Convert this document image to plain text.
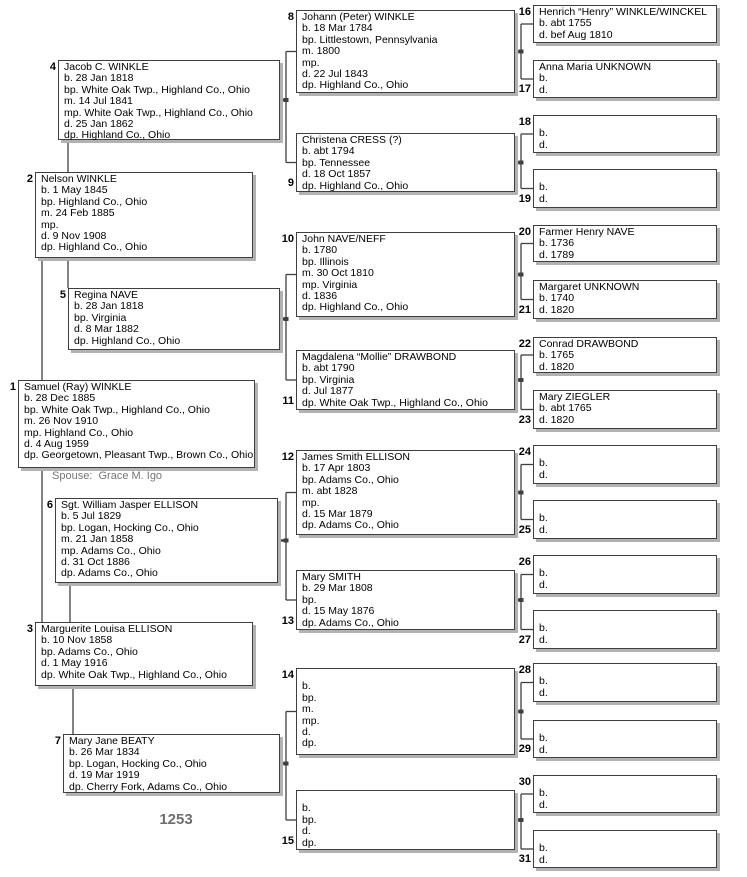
Spouse:  Grace M. Igo
1253
1 Samuel (Ray) WINKLE
b. 28 Dec 1885
bp. White Oak Twp., Highland Co., Ohio
m. 26 Nov 1910
mp. Highland Co., Ohio
d. 4 Aug 1959
dp. Georgetown, Pleasant Twp., Brown Co., Ohio
2 Nelson WINKLE
b. 1 May 1845
bp. Highland Co., Ohio
m. 24 Feb 1885
mp.
d. 9 Nov 1908
dp. Highland Co., Ohio
3 Marguerite Louisa ELLISON
b. 10 Nov 1858
bp. Adams Co., Ohio
d. 1 May 1916
dp. White Oak Twp., Highland Co., Ohio
4 Jacob C. WINKLE
b. 28 Jan 1818
bp. White Oak Twp., Highland Co., Ohio
m. 14 Jul 1841
mp. White Oak Twp., Highland Co., Ohio
d. 25 Jan 1862
dp. Highland Co., Ohio
5 Regina NAVE
b. 28 Jan 1818
bp. Virginia
d. 8 Mar 1882
dp. Highland Co., Ohio
6 Sgt. William Jasper ELLISON
b. 5 Jul 1829
bp. Logan, Hocking Co., Ohio
m. 21 Jan 1858
mp. Adams Co., Ohio
d. 31 Oct 1886
dp. Adams Co., Ohio
7 Mary Jane BEATY
b. 26 Mar 1834
bp. Logan, Hocking Co., Ohio
d. 19 Mar 1919
dp. Cherry Fork, Adams Co., Ohio
8 Johann (Peter) WINKLE
b. 18 Mar 1784
bp. Littlestown, Pennsylvania
m. 1800
mp.
d. 22 Jul 1843
dp. Highland Co., Ohio
9
Christena CRESS (?)
b. abt 1794
bp. Tennessee
d. 18 Oct 1857
dp. Highland Co., Ohio
10 John NAVE/NEFF
b. 1780
bp. Illinois
m. 30 Oct 1810
mp. Virginia
d. 1836
dp. Highland Co., Ohio
11
Magdalena “Mollie” DRAWBOND
b. abt 1790
bp. Virginia
d. Jul 1877
dp. White Oak Twp., Highland Co., Ohio
12 James Smith ELLISON
b. 17 Apr 1803
bp. Adams Co., Ohio
m. abt 1828
mp.
d. 15 Mar 1879
dp. Adams Co., Ohio
13
Mary SMITH
b. 29 Mar 1808
bp.
d. 15 May 1876
dp. Adams Co., Ohio
14
b.
bp.
m.
mp.
d.
dp.
15
b.
bp.
d.
dp.
16 Henrich “Henry” WINKLE/WINCKEL
b. abt 1755
d. bef Aug 1810
17
Anna Maria UNKNOWN
b.
d.
18
b.
d.
19
b.
d.
20 Farmer Henry NAVE
b. 1736
d. 1789
21
Margaret UNKNOWN
b. 1740
d. 1820
22 Conrad DRAWBOND
b. 1765
d. 1820
23
Mary ZIEGLER
b. abt 1765
d. 1820
24
b.
d.
25
b.
d.
26
b.
d.
27
b.
d.
28
b.
d.
29
b.
d.
30
b.
d.
31
b.
d.
